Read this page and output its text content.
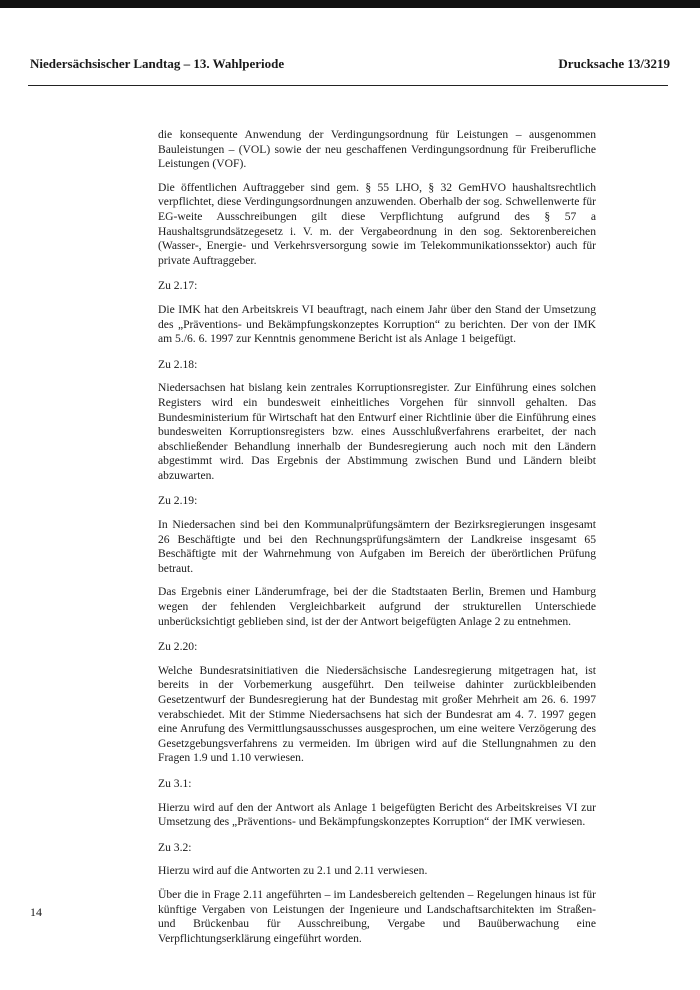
Niedersächsischer Landtag – 13. Wahlperiode	Drucksache 13/3219

die konsequente Anwendung der Verdingungsordnung für Leistungen – ausgenommen Bauleistungen – (VOL) sowie der neu geschaffenen Verdingungsordnung für Freiberufliche Leistungen (VOF).

Die öffentlichen Auftraggeber sind gem. § 55 LHO, § 32 GemHVO haushaltsrechtlich verpflichtet, diese Verdingungsordnungen anzuwenden. Oberhalb der sog. Schwellenwerte für EG-weite Ausschreibungen gilt diese Verpflichtung aufgrund des § 57 a Haushaltsgrundsätzegesetz i. V. m. der Vergabeordnung in den sog. Sektorenbereichen (Wasser-, Energie- und Verkehrsversorgung sowie im Telekommunikationssektor) auch für private Auftraggeber.

Zu 2.17:

Die IMK hat den Arbeitskreis VI beauftragt, nach einem Jahr über den Stand der Umsetzung des „Präventions- und Bekämpfungskonzeptes Korruption“ zu berichten. Der von der IMK am 5./6. 6. 1997 zur Kenntnis genommene Bericht ist als Anlage 1 beigefügt.

Zu 2.18:

Niedersachsen hat bislang kein zentrales Korruptionsregister. Zur Einführung eines solchen Registers wird ein bundesweit einheitliches Vorgehen für sinnvoll gehalten. Das Bundesministerium für Wirtschaft hat den Entwurf einer Richtlinie über die Einführung eines bundesweiten Korruptionsregisters bzw. eines Ausschlußverfahrens erarbeitet, der nach abschließender Behandlung innerhalb der Bundesregierung auch noch mit den Ländern abgestimmt wird. Das Ergebnis der Abstimmung zwischen Bund und Ländern bleibt abzuwarten.

Zu 2.19:

In Niedersachen sind bei den Kommunalprüfungsämtern der Bezirksregierungen insgesamt 26 Beschäftigte und bei den Rechnungsprüfungsämtern der Landkreise insgesamt 65 Beschäftigte mit der Wahrnehmung von Aufgaben im Bereich der überörtlichen Prüfung betraut.

Das Ergebnis einer Länderumfrage, bei der die Stadtstaaten Berlin, Bremen und Hamburg wegen der fehlenden Vergleichbarkeit aufgrund der strukturellen Unterschiede unberücksichtigt geblieben sind, ist der der Antwort beigefügten Anlage 2 zu entnehmen.

Zu 2.20:

Welche Bundesratsinitiativen die Niedersächsische Landesregierung mitgetragen hat, ist bereits in der Vorbemerkung ausgeführt. Den teilweise dahinter zurückbleibenden Gesetzentwurf der Bundesregierung hat der Bundestag mit großer Mehrheit am 26. 6. 1997 verabschiedet. Mit der Stimme Niedersachsens hat sich der Bundesrat am 4. 7. 1997 gegen eine Anrufung des Vermittlungsausschusses ausgesprochen, um eine weitere Verzögerung des Gesetzgebungsverfahrens zu vermeiden. Im übrigen wird auf die Stellungnahmen zu den Fragen 1.9 und 1.10 verwiesen.

Zu 3.1:

Hierzu wird auf den der Antwort als Anlage 1 beigefügten Bericht des Arbeitskreises VI zur Umsetzung des „Präventions- und Bekämpfungskonzeptes Korruption“ der IMK verwiesen.

Zu 3.2:

Hierzu wird auf die Antworten zu 2.1 und 2.11 verwiesen.

Über die in Frage 2.11 angeführten – im Landesbereich geltenden – Regelungen hinaus ist für künftige Vergaben von Leistungen der Ingenieure und Landschaftsarchitekten im Straßen- und Brückenbau für Ausschreibung, Vergabe und Bauüberwachung eine Verpflichtungserklärung eingeführt worden.

14
